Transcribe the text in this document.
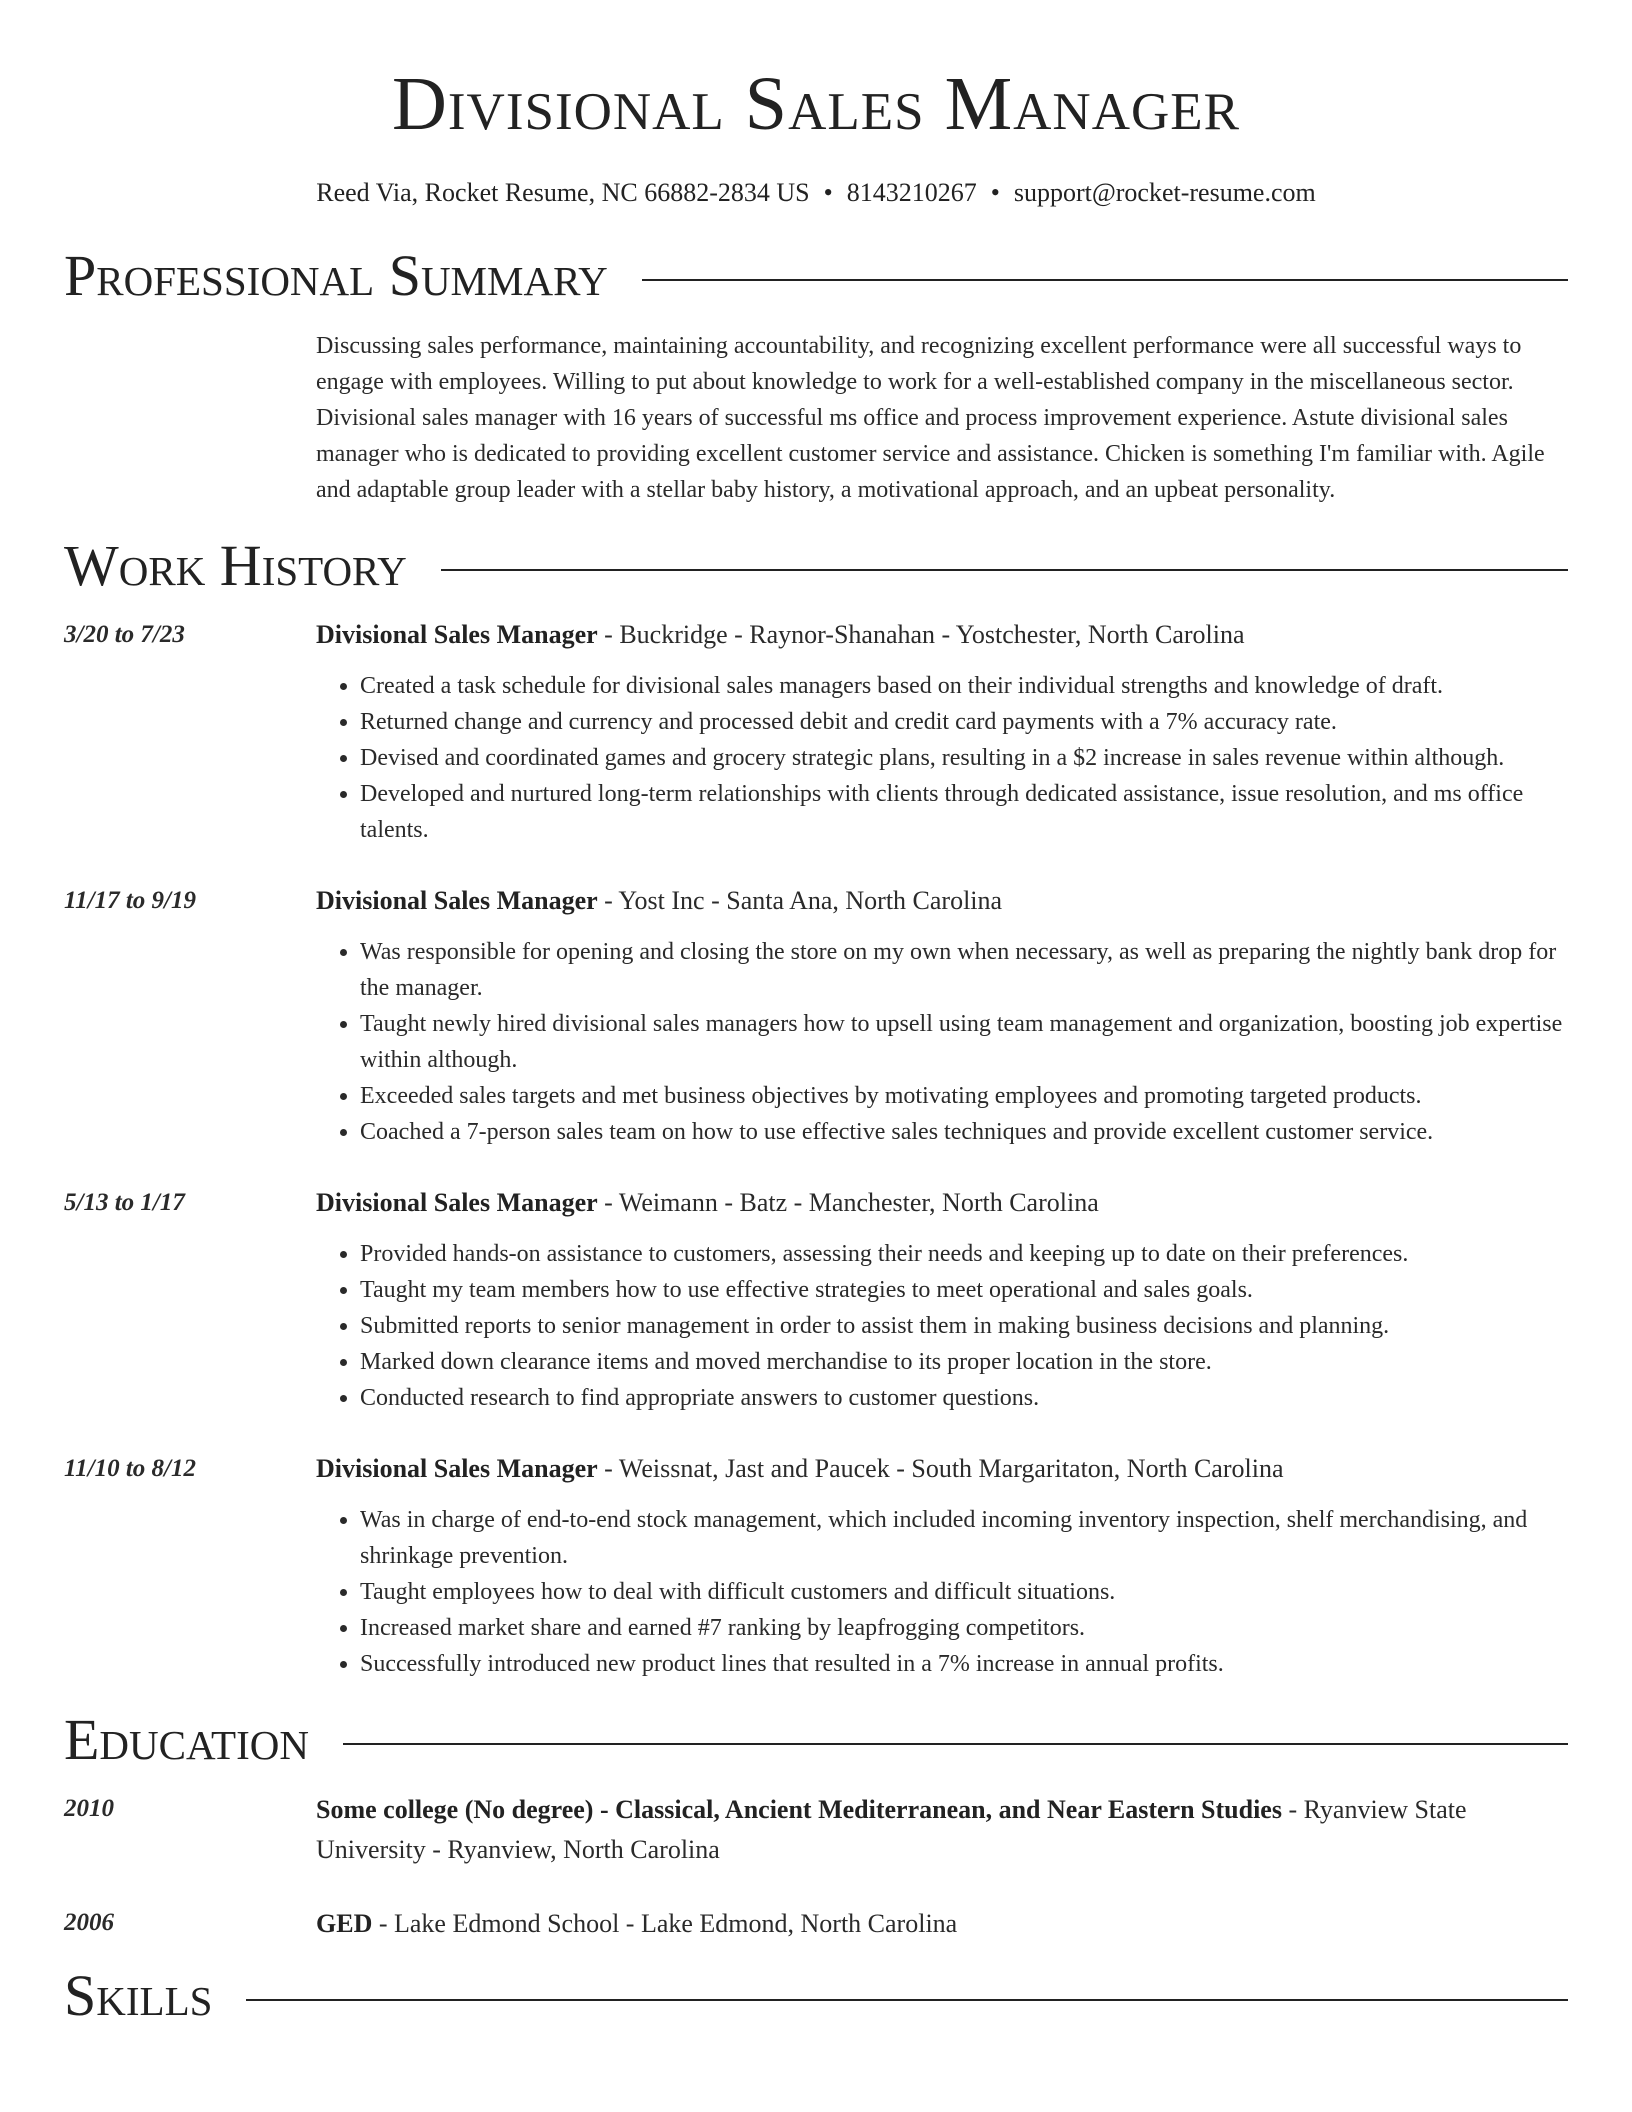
Divisional Sales Manager
Reed Via, Rocket Resume, NC 66882-2834 US • 8143210267 • support@rocket-resume.com
Professional Summary
Discussing sales performance, maintaining accountability, and recognizing excellent performance were all successful ways to engage with employees. Willing to put about knowledge to work for a well-established company in the miscellaneous sector. Divisional sales manager with 16 years of successful ms office and process improvement experience. Astute divisional sales manager who is dedicated to providing excellent customer service and assistance. Chicken is something I'm familiar with. Agile and adaptable group leader with a stellar baby history, a motivational approach, and an upbeat personality.
Work History
3/20 to 7/23	Divisional Sales Manager - Buckridge - Raynor-Shanahan - Yostchester, North Carolina
• Created a task schedule for divisional sales managers based on their individual strengths and knowledge of draft.
• Returned change and currency and processed debit and credit card payments with a 7% accuracy rate.
• Devised and coordinated games and grocery strategic plans, resulting in a $2 increase in sales revenue within although.
• Developed and nurtured long-term relationships with clients through dedicated assistance, issue resolution, and ms office talents.
11/17 to 9/19	Divisional Sales Manager - Yost Inc - Santa Ana, North Carolina
• Was responsible for opening and closing the store on my own when necessary, as well as preparing the nightly bank drop for the manager.
• Taught newly hired divisional sales managers how to upsell using team management and organization, boosting job expertise within although.
• Exceeded sales targets and met business objectives by motivating employees and promoting targeted products.
• Coached a 7-person sales team on how to use effective sales techniques and provide excellent customer service.
5/13 to 1/17	Divisional Sales Manager - Weimann - Batz - Manchester, North Carolina
• Provided hands-on assistance to customers, assessing their needs and keeping up to date on their preferences.
• Taught my team members how to use effective strategies to meet operational and sales goals.
• Submitted reports to senior management in order to assist them in making business decisions and planning.
• Marked down clearance items and moved merchandise to its proper location in the store.
• Conducted research to find appropriate answers to customer questions.
11/10 to 8/12	Divisional Sales Manager - Weissnat, Jast and Paucek - South Margaritaton, North Carolina
• Was in charge of end-to-end stock management, which included incoming inventory inspection, shelf merchandising, and shrinkage prevention.
• Taught employees how to deal with difficult customers and difficult situations.
• Increased market share and earned #7 ranking by leapfrogging competitors.
• Successfully introduced new product lines that resulted in a 7% increase in annual profits.
Education
2010	Some college (No degree) - Classical, Ancient Mediterranean, and Near Eastern Studies - Ryanview State University - Ryanview, North Carolina
2006	GED - Lake Edmond School - Lake Edmond, North Carolina
Skills
